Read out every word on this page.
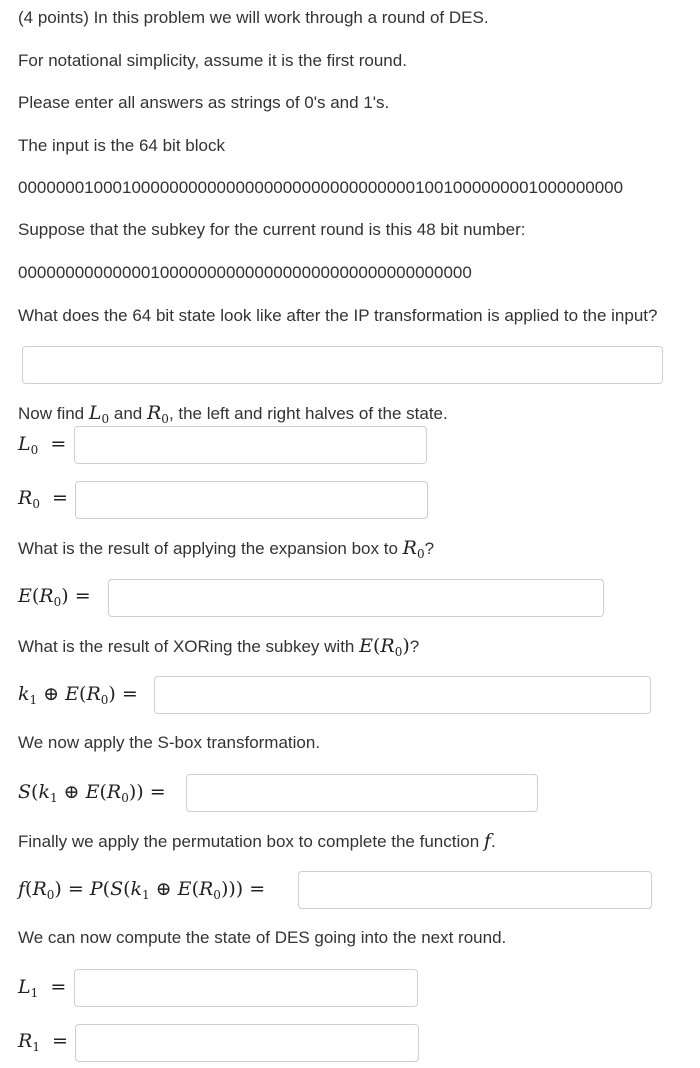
(4 points) In this problem we will work through a round of DES.
For notational simplicity, assume it is the first round.
Please enter all answers as strings of 0's and 1's.
The input is the 64 bit block
0000000100010000000000000000000000000000001001000000001000000000
Suppose that the subkey for the current round is this 48 bit number:
000000000000001000000000000000000000000000000000
What does the 64 bit state look like after the IP transformation is applied to the input?
Now find $L_0$ and $R_0$, the left and right halves of the state.
$L_0$  =
$R_0$  =
What is the result of applying the expansion box to $R_0$?
$E(R_0)$ =
What is the result of XORing the subkey with $E(R_0)$?
$k_1$ ⊕ $E(R_0)$ =
We now apply the S-box transformation.
$S(k_1$ ⊕ $E(R_0)$) =
Finally we apply the permutation box to complete the function f.
$f(R_0) = P(S(k_1$ ⊕ $E(R_0)$)) =
We can now compute the state of DES going into the next round.
$L_1$  =
$R_1$  =
